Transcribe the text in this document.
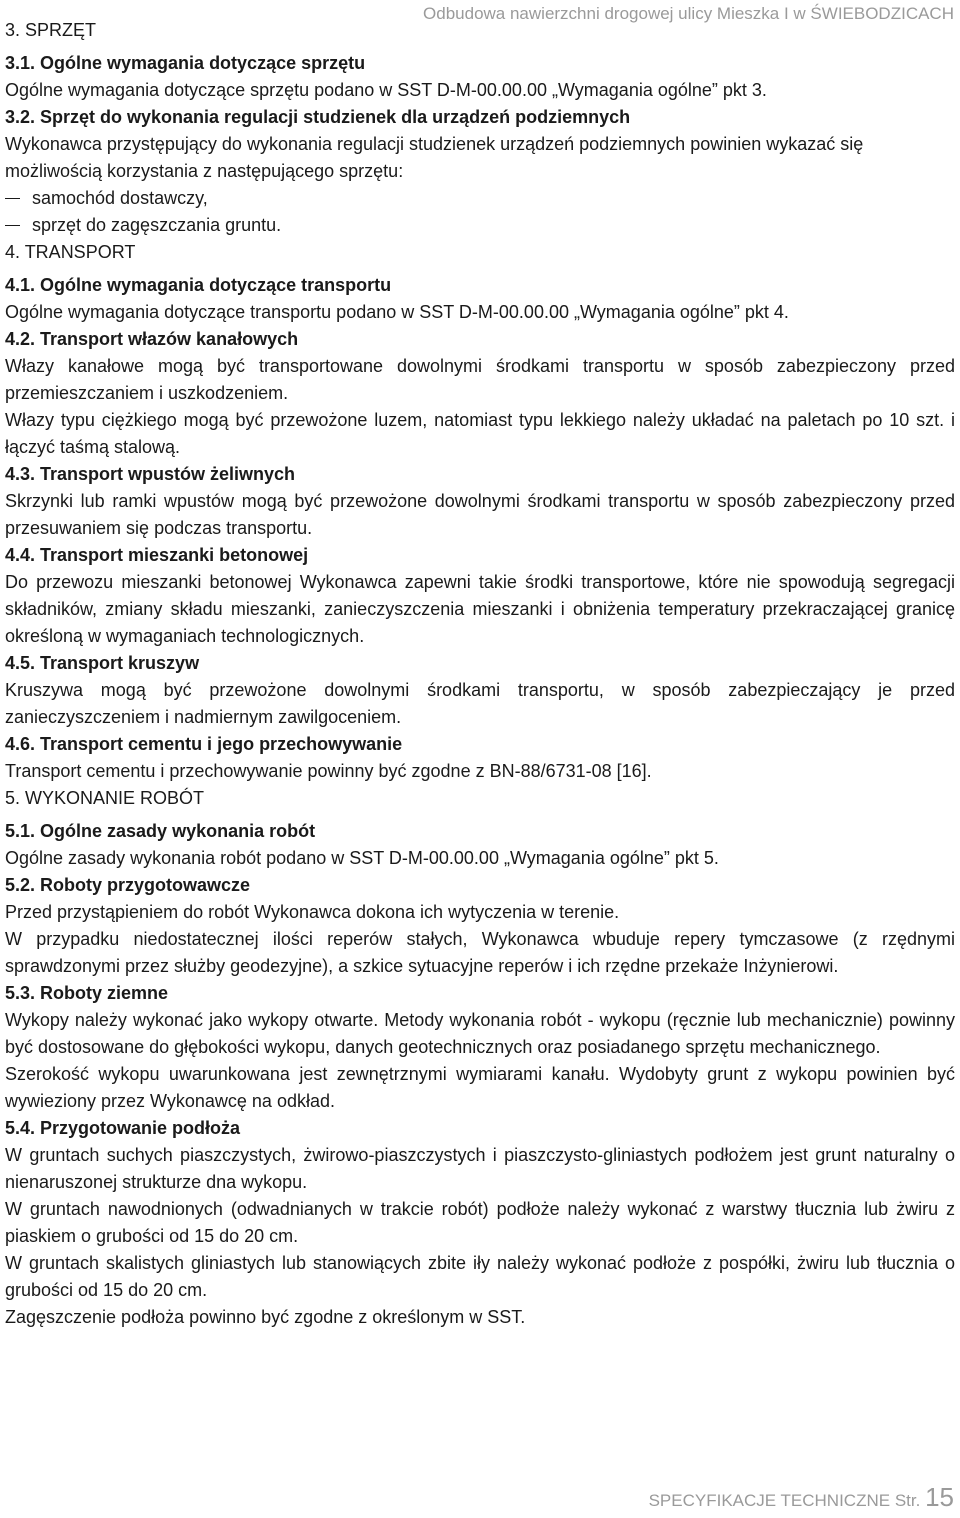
Odbudowa nawierzchni drogowej ulicy Mieszka I w ŚWIEBODZICACH

3. SPRZĘT

3.1. Ogólne wymagania dotyczące sprzętu

Ogólne wymagania dotyczące sprzętu podano w SST D-M-00.00.00 „Wymagania ogólne” pkt 3.

3.2. Sprzęt do wykonania regulacji studzienek dla urządzeń podziemnych

Wykonawca przystępujący do wykonania regulacji studzienek urządzeń podziemnych powinien wykazać się możliwością korzystania z następującego sprzętu:

samochód dostawczy,

sprzęt do zagęszczania gruntu.

4. TRANSPORT

4.1. Ogólne wymagania dotyczące transportu

Ogólne wymagania dotyczące transportu podano w SST D-M-00.00.00 „Wymagania ogólne” pkt 4.

4.2. Transport włazów kanałowych

Włazy kanałowe mogą być transportowane dowolnymi środkami transportu w sposób zabezpieczony przed przemieszczaniem i uszkodzeniem.

Włazy typu ciężkiego mogą być przewożone luzem, natomiast typu lekkiego należy układać na paletach po 10 szt. i łączyć taśmą stalową.

4.3. Transport wpustów żeliwnych

Skrzynki lub ramki wpustów mogą być przewożone dowolnymi środkami transportu w sposób zabezpieczony przed przesuwaniem się podczas transportu.

4.4. Transport mieszanki betonowej

Do przewozu mieszanki betonowej Wykonawca zapewni takie środki transportowe, które nie spowodują segregacji składników, zmiany składu mieszanki, zanieczyszczenia mieszanki i obniżenia temperatury przekraczającej granicę określoną w wymaganiach technologicznych.

4.5. Transport kruszyw

Kruszywa mogą być przewożone dowolnymi środkami transportu, w sposób zabezpieczający je przed zanieczyszczeniem i nadmiernym zawilgoceniem.

4.6. Transport cementu i jego przechowywanie

Transport cementu i przechowywanie powinny być zgodne z BN-88/6731-08 [16].

5. WYKONANIE ROBÓT

5.1. Ogólne zasady wykonania robót

Ogólne zasady wykonania robót podano w SST D-M-00.00.00 „Wymagania ogólne” pkt 5.

5.2. Roboty przygotowawcze

Przed przystąpieniem do robót Wykonawca dokona ich wytyczenia w terenie.

W przypadku niedostatecznej ilości reperów stałych, Wykonawca wbuduje repery tymczasowe (z rzędnymi sprawdzonymi przez służby geodezyjne), a szkice sytuacyjne reperów i ich rzędne przekaże Inżynierowi.

5.3. Roboty ziemne

Wykopy należy wykonać jako wykopy otwarte. Metody wykonania robót - wykopu (ręcznie lub mechanicznie) powinny być dostosowane do głębokości wykopu, danych geotechnicznych oraz posiadanego sprzętu mechanicznego.

Szerokość wykopu uwarunkowana jest zewnętrznymi wymiarami kanału. Wydobyty grunt z wykopu powinien być wywieziony przez Wykonawcę na odkład.

5.4. Przygotowanie podłoża

W gruntach suchych piaszczystych, żwirowo-piaszczystych i piaszczysto-gliniastych podłożem jest grunt naturalny o nienaruszonej strukturze dna wykopu.

W gruntach nawodnionych (odwadnianych w trakcie robót) podłoże należy wykonać z warstwy tłucznia lub żwiru z piaskiem o grubości od 15 do 20 cm.

W gruntach skalistych gliniastych lub stanowiących zbite iły należy wykonać podłoże z pospółki, żwiru lub tłucznia o grubości od 15 do 20 cm.

Zagęszczenie podłoża powinno być zgodne z określonym w SST.

SPECYFIKACJE TECHNICZNE Str. 15
